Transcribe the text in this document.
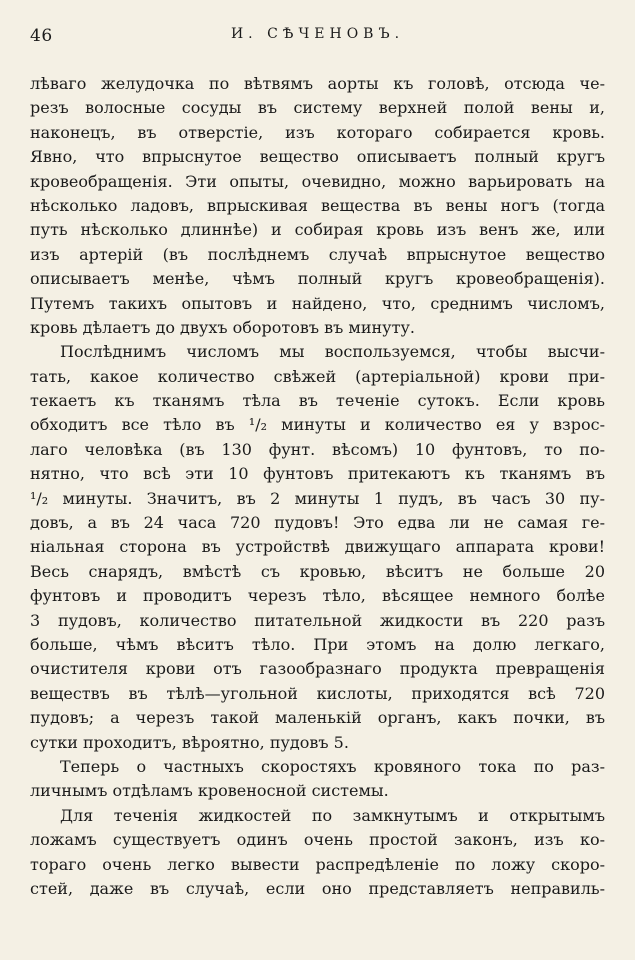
46	И. СѢЧЕНОВЪ.
лѣваго желудочка по вѣтвямъ аорты къ головѣ, отсюда че-
резъ волосные сосуды въ систему верхней полой вены и,
наконецъ, въ отверстіе, изъ котораго собирается кровь.
Явно, что впрыснутое вещество описываетъ полный кругъ
кровеобращенія. Эти опыты, очевидно, можно варьировать на
нѣсколько ладовъ, впрыскивая вещества въ вены ногъ (тогда
путь нѣсколько длиннѣе) и собирая кровь изъ венъ же, или
изъ артерій (въ послѣднемъ случаѣ впрыснутое вещество
описываетъ менѣе, чѣмъ полный кругъ кровеобращенія).
Путемъ такихъ опытовъ и найдено, что, среднимъ числомъ,
кровь дѣлаетъ до двухъ оборотовъ въ минуту.
Послѣднимъ числомъ мы воспользуемся, чтобы высчи-
тать, какое количество свѣжей (артеріальной) крови при-
текаетъ къ тканямъ тѣла въ теченіе сутокъ. Если кровь
обходитъ все тѣло въ ¹/₂ минуты и количество ея у взрос-
лаго человѣка (въ 130 фунт. вѣсомъ) 10 фунтовъ, то по-
нятно, что всѣ эти 10 фунтовъ притекаютъ къ тканямъ въ
¹/₂ минуты. Значитъ, въ 2 минуты 1 пудъ, въ часъ 30 пу-
довъ, а въ 24 часа 720 пудовъ! Это едва ли не самая ге-
ніальная сторона въ устройствѣ движущаго аппарата крови!
Весь снарядъ, вмѣстѣ съ кровью, вѣситъ не больше 20
фунтовъ и проводитъ черезъ тѣло, вѣсящее немного болѣе
3 пудовъ, количество питательной жидкости въ 220 разъ
больше, чѣмъ вѣситъ тѣло. При этомъ на долю легкаго,
очистителя крови отъ газообразнаго продукта превращенія
веществъ въ тѣлѣ—угольной кислоты, приходятся всѣ 720
пудовъ; а черезъ такой маленькій органъ, какъ почки, въ
сутки проходитъ, вѣроятно, пудовъ 5.
Теперь о частныхъ скоростяхъ кровяного тока по раз-
личнымъ отдѣламъ кровеносной системы.
Для теченія жидкостей по замкнутымъ и открытымъ
ложамъ существуетъ одинъ очень простой законъ, изъ ко-
тораго очень легко вывести распредѣленіе по ложу скоро-
стей, даже въ случаѣ, если оно представляетъ неправиль-
